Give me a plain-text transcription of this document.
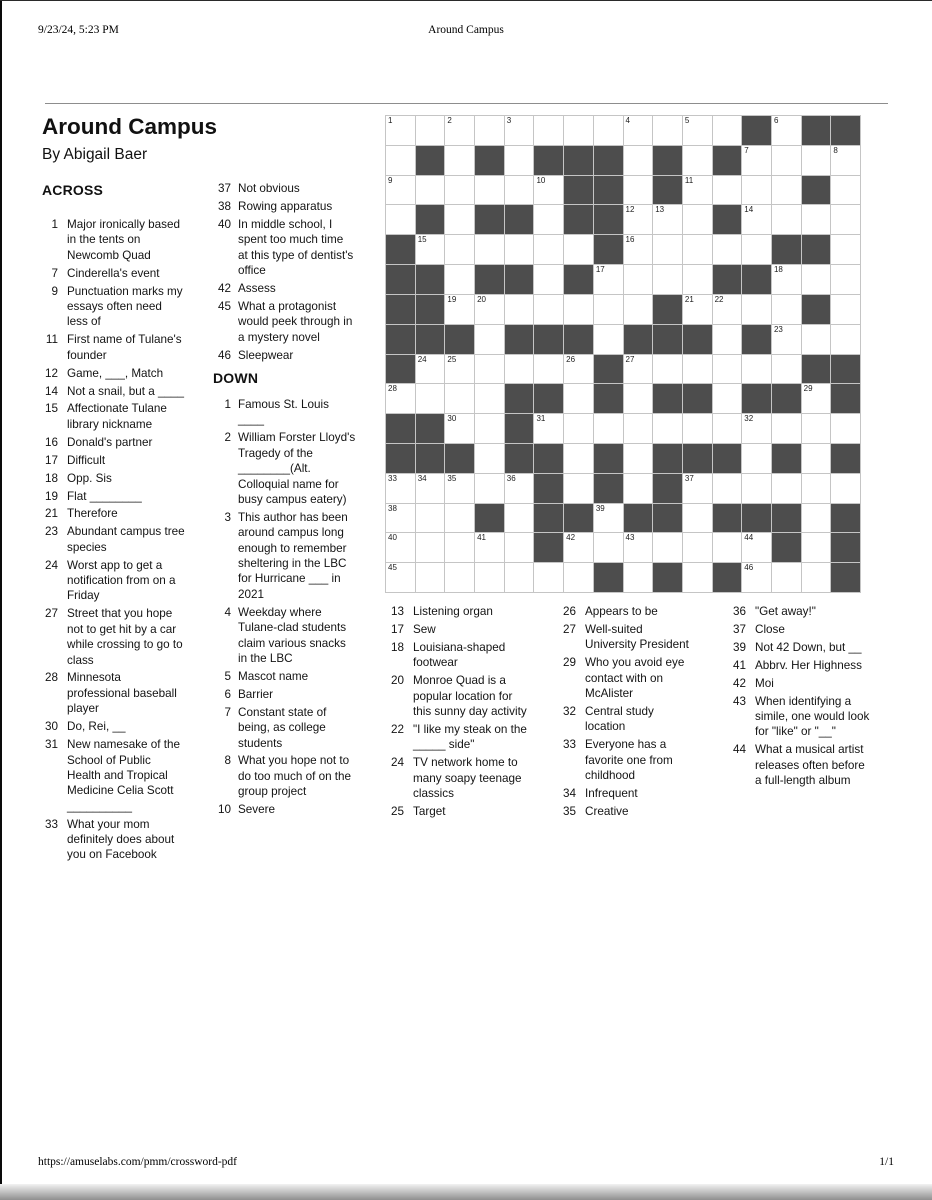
9/23/24, 5:23 PM	Around Campus
Around Campus
By Abigail Baer
ACROSS
1 Major ironically based in the tents on Newcomb Quad
7 Cinderella's event
9 Punctuation marks my essays often need less of
11 First name of Tulane's founder
12 Game, ___, Match
14 Not a snail, but a ____
15 Affectionate Tulane library nickname
16 Donald's partner
17 Difficult
18 Opp. Sis
19 Flat ________
21 Therefore
23 Abundant campus tree species
24 Worst app to get a notification from on a Friday
27 Street that you hope not to get hit by a car while crossing to go to class
28 Minnesota professional baseball player
30 Do, Rei, __
31 New namesake of the School of Public Health and Tropical Medicine Celia Scott __________
33 What your mom definitely does about you on Facebook
37 Not obvious
38 Rowing apparatus
40 In middle school, I spent too much time at this type of dentist's office
42 Assess
45 What a protagonist would peek through in a mystery novel
46 Sleepwear
DOWN
1 Famous St. Louis ____
2 William Forster Lloyd's Tragedy of the ________(Alt. Colloquial name for busy campus eatery)
3 This author has been around campus long enough to remember sheltering in the LBC for Hurricane ___ in 2021
4 Weekday where Tulane-clad students claim various snacks in the LBC
5 Mascot name
6 Barrier
7 Constant state of being, as college students
8 What you hope not to do too much of on the group project
10 Severe
13 Listening organ
17 Sew
18 Louisiana-shaped footwear
20 Monroe Quad is a popular location for this sunny day activity
22 "I like my steak on the _____ side"
24 TV network home to many soapy teenage classics
25 Target
26 Appears to be
27 Well-suited University President
29 Who you avoid eye contact with on McAlister
32 Central study location
33 Everyone has a favorite one from childhood
34 Infrequent
35 Creative
36 "Get away!"
37 Close
39 Not 42 Down, but __
41 Abbrv. Her Highness
42 Moi
43 When identifying a simile, one would look for "like" or "__"
44 What a musical artist releases often before a full-length album
1	2	3	4	5	6
7	8
9	10	11
12	13	14
15	16
17	18
19	20	21	22
23
24	25	26	27
28	29
30	31	32
33	34	35	36	37
38	39
40	41	42	43	44
45	46
https://amuselabs.com/pmm/crossword-pdf	1/1
